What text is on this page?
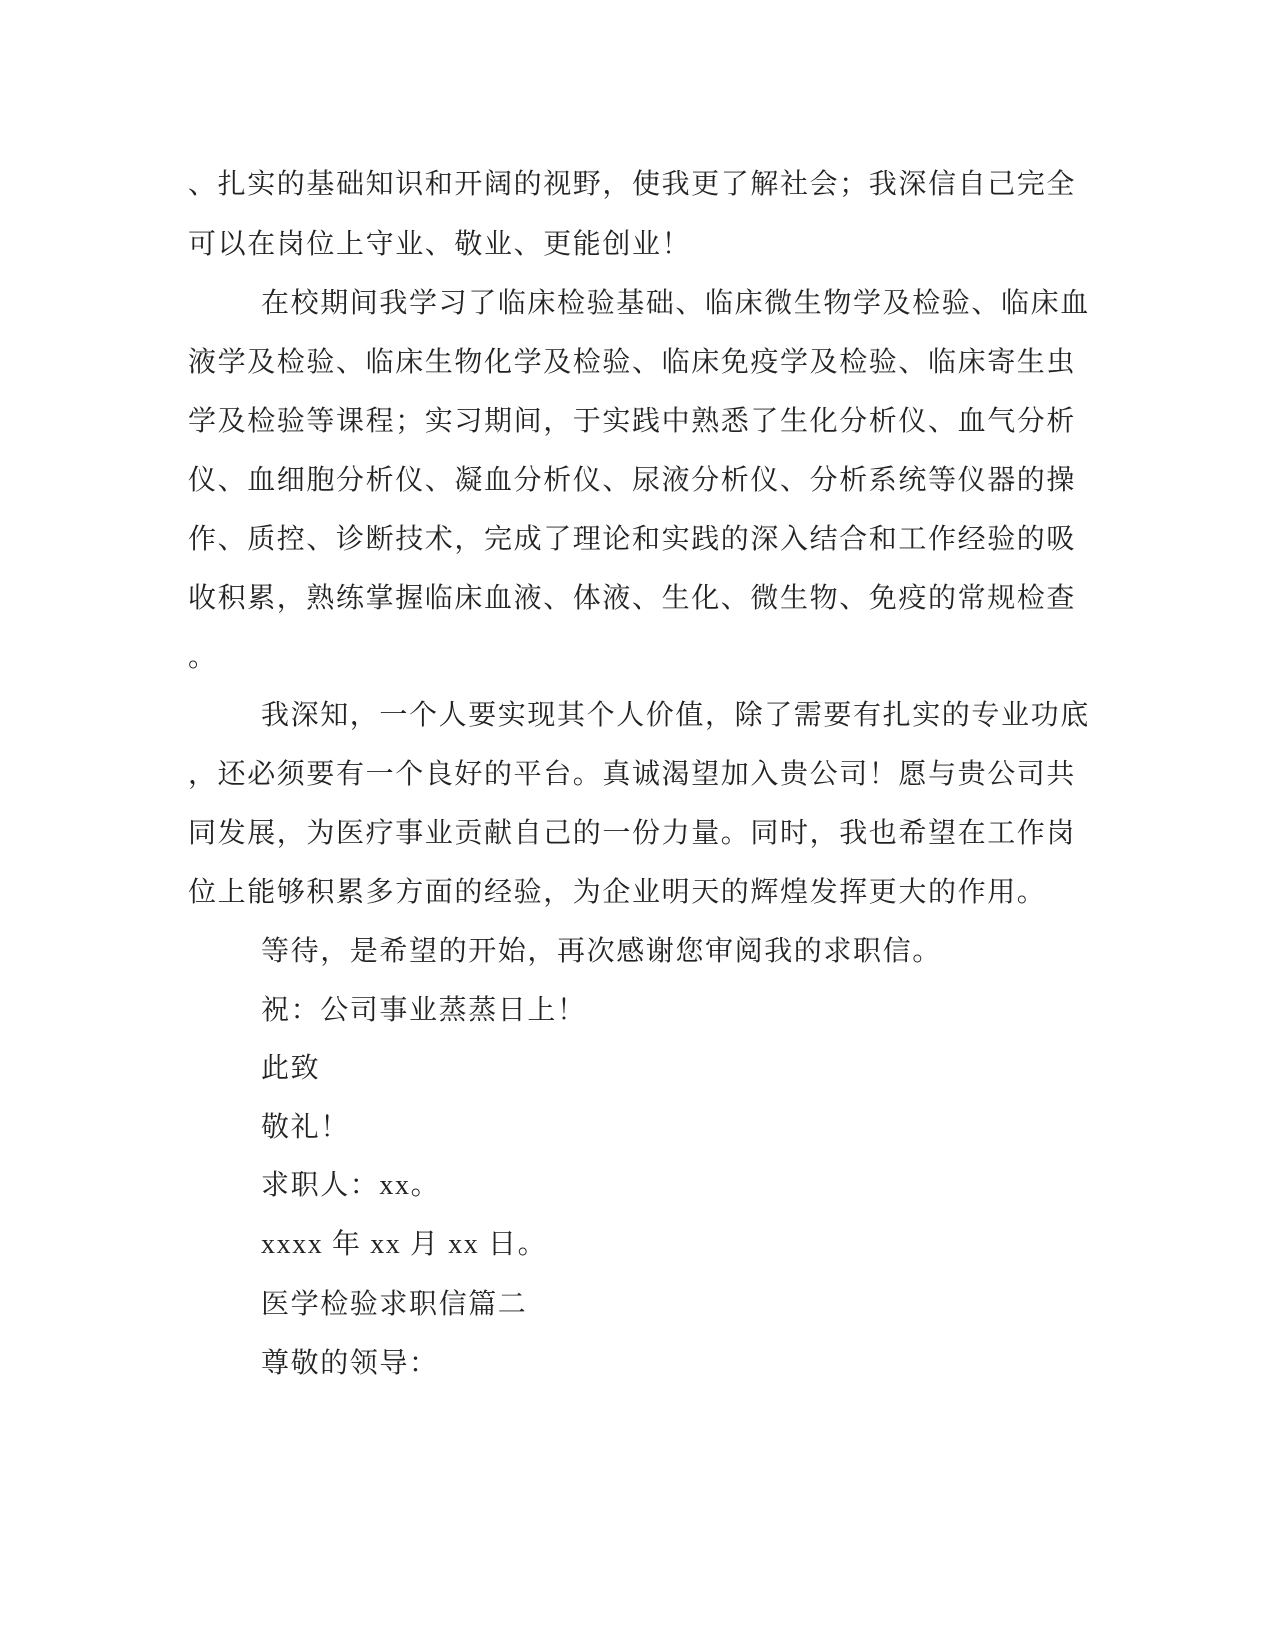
、扎实的基础知识和开阔的视野，使我更了解社会；我深信自己完全

可以在岗位上守业、敬业、更能创业！

在校期间我学习了临床检验基础、临床微生物学及检验、临床血

液学及检验、临床生物化学及检验、临床免疫学及检验、临床寄生虫

学及检验等课程；实习期间，于实践中熟悉了生化分析仪、血气分析

仪、血细胞分析仪、凝血分析仪、尿液分析仪、分析系统等仪器的操

作、质控、诊断技术，完成了理论和实践的深入结合和工作经验的吸

收积累，熟练掌握临床血液、体液、生化、微生物、免疫的常规检查

。

我深知，一个人要实现其个人价值，除了需要有扎实的专业功底

，还必须要有一个良好的平台。真诚渴望加入贵公司！愿与贵公司共

同发展，为医疗事业贡献自己的一份力量。同时，我也希望在工作岗

位上能够积累多方面的经验，为企业明天的辉煌发挥更大的作用。

等待，是希望的开始，再次感谢您审阅我的求职信。

祝：公司事业蒸蒸日上！

此致

敬礼！

求职人：xx。

xxxx 年 xx 月 xx 日。

医学检验求职信篇二

尊敬的领导：
